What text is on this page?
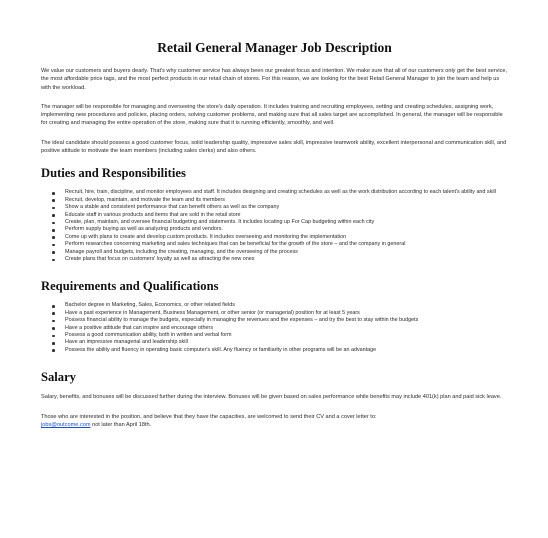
Retail General Manager Job Description

We value our customers and buyers dearly. That's why customer service has always been our greatest focus and intention. We make sure that all of our customers only get the best service, the most affordable price tags, and the most perfect products in our retail chain of stores. For this reason, we are looking for the best Retail General Manager to join the team and help us with the workload.

The manager will be responsible for managing and overseeing the store's daily operation. It includes training and recruiting employees, setting and creating schedules, assigning work, implementing new procedures and policies, placing orders, solving customer problems, and making sure that all sales target are accomplished. In general, the manager will be responsible for creating and managing the entire operation of the store, making sure that it is running efficiently, smoothly, and well.

The ideal candidate should possess a good customer focus, solid leadership quality, impressive sales skill, impressive teamwork ability, excellent interpersonal and communication skill, and positive attitude to motivate the team members (including sales clerks) and also others.

Duties and Responsibilities
Recruit, hire, train, discipline, and monitor employees and staff. It includes designing and creating schedules as well as the work distribution according to each talent's ability and skill
Recruit, develop, maintain, and motivate the team and its members
Show a stable and consistent performance that can benefit others as well as the company
Educate staff in various products and items that are sold in the retail store
Create, plan, maintain, and oversee financial budgeting and statements. It includes locating up For Cap budgeting within each city
Perform supply buying as well as analyzing products and vendors.
Come up with plans to create and develop custom products. It includes overseeing and monitoring the implementation
Perform researches concerning marketing and sales techniques that can be beneficial for the growth of the store – and the company in general
Manage payroll and budgets, including the creating, managing, and the overseeing of the process
Create plans that focus on customers' loyalty as well as attracting the new ones
Requirements and Qualifications
Bachelor degree in Marketing, Sales, Economics, or other related fields
Have a past experience in Management, Business Management, or other senior (or managerial) position for at least 5 years
Possess financial ability to manage the budgets, especially in managing the revenues and the expenses – and try the best to stay within the budgets
Have a positive attitude that can inspire and encourage others
Possess a good communication ability, both in written and verbal form
Have an impressive managerial and leadership skill
Possess the ability and fluency in operating basic computer's skill. Any fluency or familiarity in other programs will be an advantage
Salary

Salary, benefits, and bonuses will be discussed further during the interview. Bonuses will be given based on sales performance while benefits may include 401(k) plan and paid sick leave.

Those who are interested in the position, and believe that they have the capacities, are welcomed to send their CV and a cover letter to:
jobs@outcome.com not later than April 18th.
